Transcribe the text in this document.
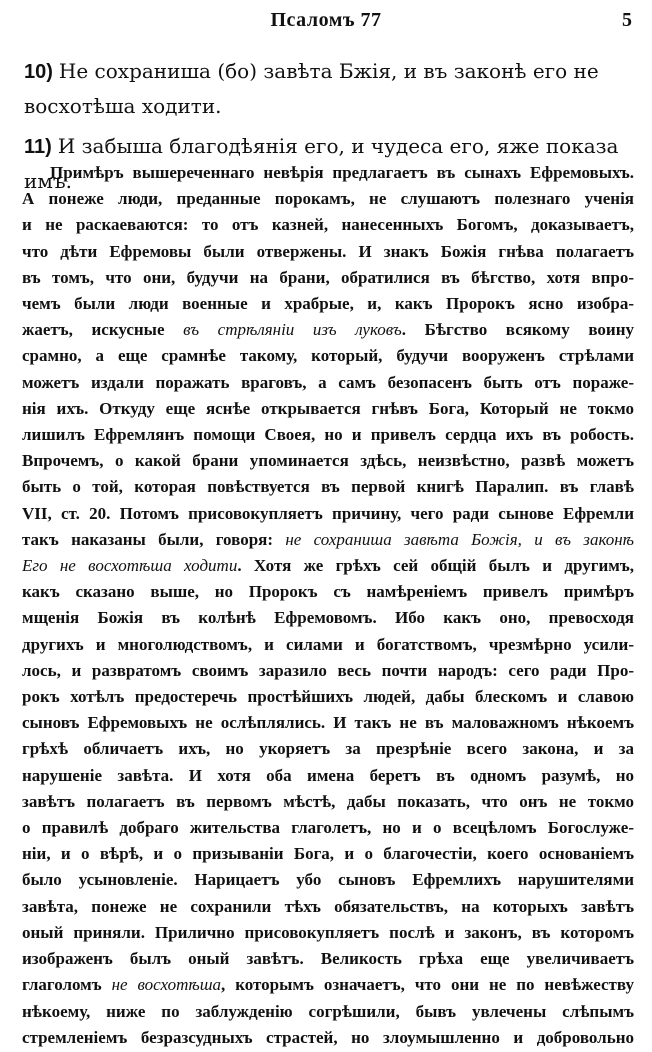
Псаломъ 77	5

10) Не сохраниша (бо) завѣта Бжія, и въ законѣ его не восхотѣша ходити.

11) И забыша благодѣянія его, и чудеса его, яже показа имъ.

Примѣръ вышереченнаго невѣрія предлагаетъ въ сынахъ Ефремовыхъ.
А понеже люди, преданные порокамъ, не слушаютъ полезнаго ученія
и не раскаеваются: то отъ казней, нанесенныхъ Богомъ, доказываетъ,
что дѣти Ефремовы были отвержены. И знакъ Божія гнѣва полагаетъ
въ томъ, что они, будучи на брани, обратилися въ бѣгство, хотя впро-
чемъ были люди военные и храбрые, и, какъ Пророкъ ясно изобра-
жаетъ, искусные въ стрѣляніи изъ луковъ. Бѣгство всякому воину
срамно, а еще срамнѣе такому, который, будучи вооруженъ стрѣлами
можетъ издали поражать враговъ, а самъ безопасенъ быть отъ пораже-
нія ихъ. Откуду еще яснѣе открывается гнѣвъ Бога, Который не токмо
лишилъ Ефремлянъ помощи Своея, но и привелъ сердца ихъ въ робость.
Впрочемъ, о какой брани упоминается здѣсь, неизвѣстно, развѣ можетъ
быть о той, которая повѣствуется въ первой книгѣ Паралип. въ главѣ
VII, ст. 20. Потомъ присовокупляетъ причину, чего ради сынове Ефремли
такъ наказаны были, говоря: не сохраниша завѣта Божія, и въ законѣ
Его не восхотѣша ходити. Хотя же грѣхъ сей общій былъ и другимъ,
какъ сказано выше, но Пророкъ съ намѣреніемъ привелъ примѣръ
мщенія Божія въ колѣнѣ Ефремовомъ. Ибо какъ оно, превосходя
другихъ и многолюдствомъ, и силами и богатствомъ, чрезмѣрно усили-
лось, и развратомъ своимъ заразило весь почти народъ: сего ради Про-
рокъ хотѣлъ предостеречь простѣйшихъ людей, дабы блескомъ и славою
сыновъ Ефремовыхъ не ослѣплялись. И такъ не въ маловажномъ нѣкоемъ
грѣхѣ обличаетъ ихъ, но укоряетъ за презрѣніе всего закона, и за
нарушеніе завѣта. И хотя оба имена беретъ въ одномъ разумѣ, но
завѣтъ полагаетъ въ первомъ мѣстѣ, дабы показать, что онъ не токмо
о правилѣ добраго жительства глаголетъ, но и о всецѣломъ Богослуже-
ніи, и о вѣрѣ, и о призываніи Бога, и о благочестіи, коего основаніемъ
было усыновленіе. Нарицаетъ убо сыновъ Ефремлихъ нарушителями
завѣта, понеже не сохранили тѣхъ обязательствъ, на которыхъ завѣтъ
оный приняли. Прилично присовокупляетъ послѣ и законъ, въ которомъ
изображенъ былъ оный завѣтъ. Великость грѣха еще увеличиваетъ
глаголомъ не восхотѣша, которымъ означаетъ, что они не по невѣжеству
нѣкоему, ниже по заблужденію согрѣшили, бывъ увлечены слѣпымъ
стремленіемъ безразсудныхъ страстей, но злоумышленно и добровольно
